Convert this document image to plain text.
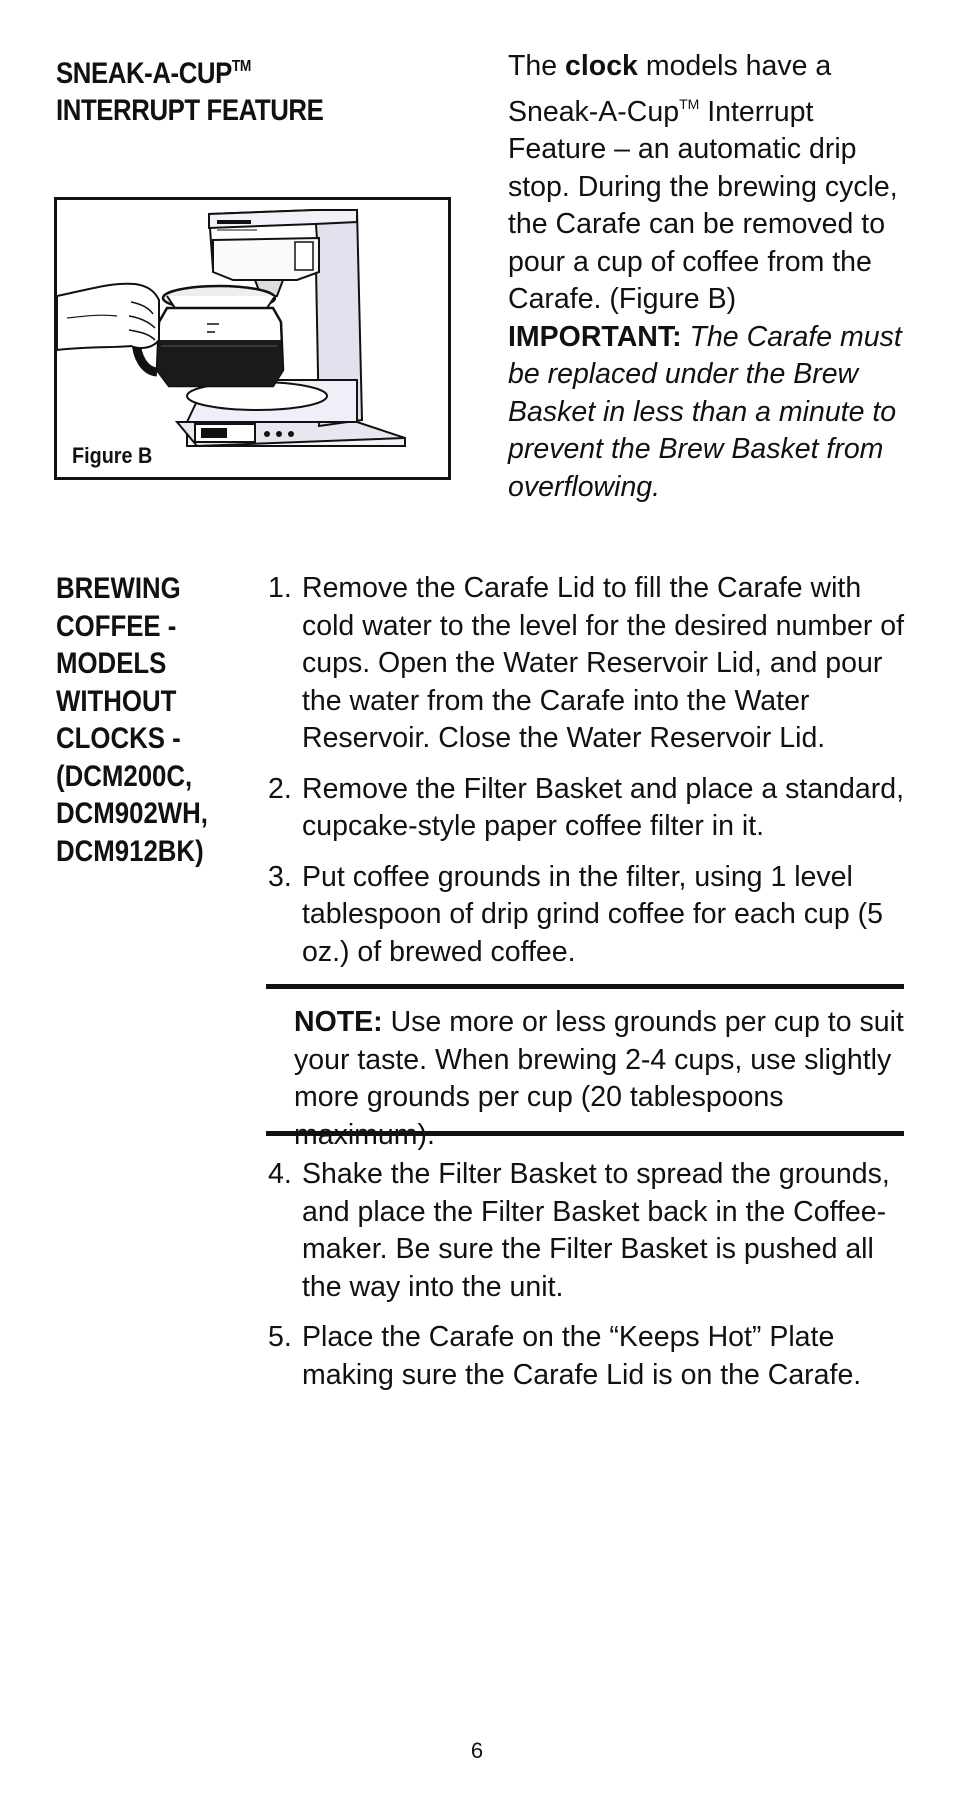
SNEAK-A-CUP™
INTERRUPT FEATURE

The clock models have a Sneak-A-Cup™ Interrupt Feature – an automatic drip stop. During the brewing cycle, the Carafe can be removed to pour a cup of coffee from the Carafe. (Figure B)

IMPORTANT: The Carafe must be replaced under the Brew Basket in less than a minute to prevent the Brew Basket from overflowing.

Figure B
BREWING
COFFEE -
MODELS
WITHOUT
CLOCKS -
(DCM200C,
DCM902WH,
DCM912BK)
1. Remove the Carafe Lid to fill the Carafe with cold water to the level for the desired number of cups. Open the Water Reservoir Lid, and pour the water from the Carafe into the Water Reservoir. Close the Water Reservoir Lid.
2. Remove the Filter Basket and place a standard, cupcake-style paper coffee filter in it.
3. Put coffee grounds in the filter, using 1 level tablespoon of drip grind coffee for each cup (5 oz.) of brewed coffee.
NOTE: Use more or less grounds per cup to suit your taste. When brewing 2-4 cups, use slightly more grounds per cup (20 tablespoons
4. Shake the Filter Basket to spread the grounds, and place the Filter Basket back in the Coffee-maker. Be sure the Filter Basket is pushed all the way into the unit.
5. Place the Carafe on the “Keeps Hot” Plate making sure the Carafe Lid is on the Carafe.
6
